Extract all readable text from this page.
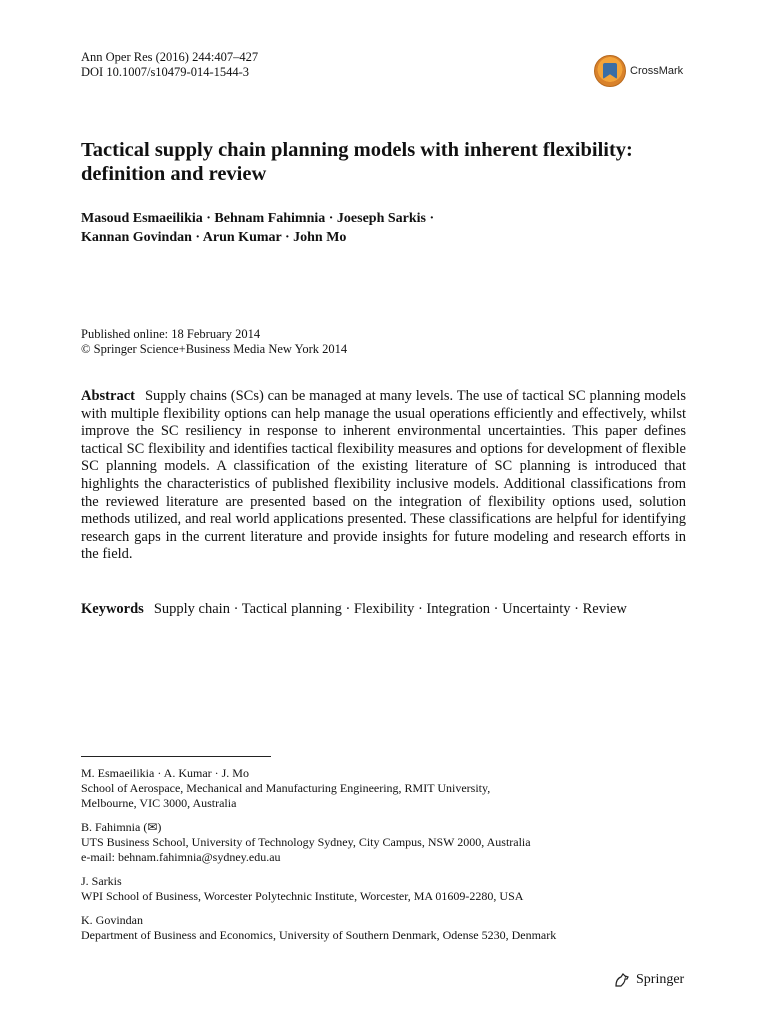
Ann Oper Res (2016) 244:407–427
DOI 10.1007/s10479-014-1544-3	CrossMark
Tactical supply chain planning models with inherent flexibility: definition and review
Masoud Esmaeilikia · Behnam Fahimnia · Joeseph Sarkis ·
Kannan Govindan · Arun Kumar · John Mo
Published online: 18 February 2014
© Springer Science+Business Media New York 2014
Abstract Supply chains (SCs) can be managed at many levels. The use of tactical SC planning models with multiple flexibility options can help manage the usual operations efficiently and effectively, whilst improve the SC resiliency in response to inherent environmental uncertainties. This paper defines tactical SC flexibility and identifies tactical flexibility measures and options for development of flexible SC planning models. A classification of the existing literature of SC planning is introduced that highlights the characteristics of published flexibility inclusive models. Additional classifications from the reviewed literature are presented based on the integration of flexibility options used, solution methods utilized, and real world applications presented. These classifications are helpful for identifying research gaps in the current literature and provide insights for future modeling and research efforts in the field.
Keywords Supply chain · Tactical planning · Flexibility · Integration · Uncertainty · Review
M. Esmaeilikia · A. Kumar · J. Mo
School of Aerospace, Mechanical and Manufacturing Engineering, RMIT University,
Melbourne, VIC 3000, Australia
B. Fahimnia (✉)
UTS Business School, University of Technology Sydney, City Campus, NSW 2000, Australia
e-mail: behnam.fahimnia@sydney.edu.au
J. Sarkis
WPI School of Business, Worcester Polytechnic Institute, Worcester, MA 01609-2280, USA
K. Govindan
Department of Business and Economics, University of Southern Denmark, Odense 5230, Denmark
Springer
